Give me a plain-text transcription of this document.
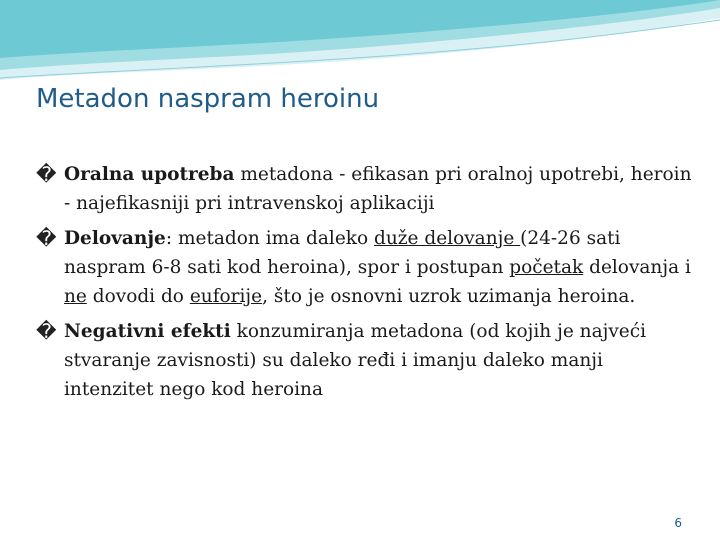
Metadon naspram heroinu
� Oralna upotreba metadona - efikasan pri oralnoj upotrebi, heroin - najefikasniji pri intravenskoj aplikaciji
� Delovanje: metadon ima daleko duže delovanje (24-26 sati naspram 6-8 sati kod heroina), spor i postupan početak delovanja i ne dovodi do euforije, što je osnovni uzrok uzimanja heroina.
� Negativni efekti konzumiranja metadona (od kojih je najveći stvaranje zavisnosti) su daleko ređi i imanju daleko manji intenzitet nego kod heroina
6
